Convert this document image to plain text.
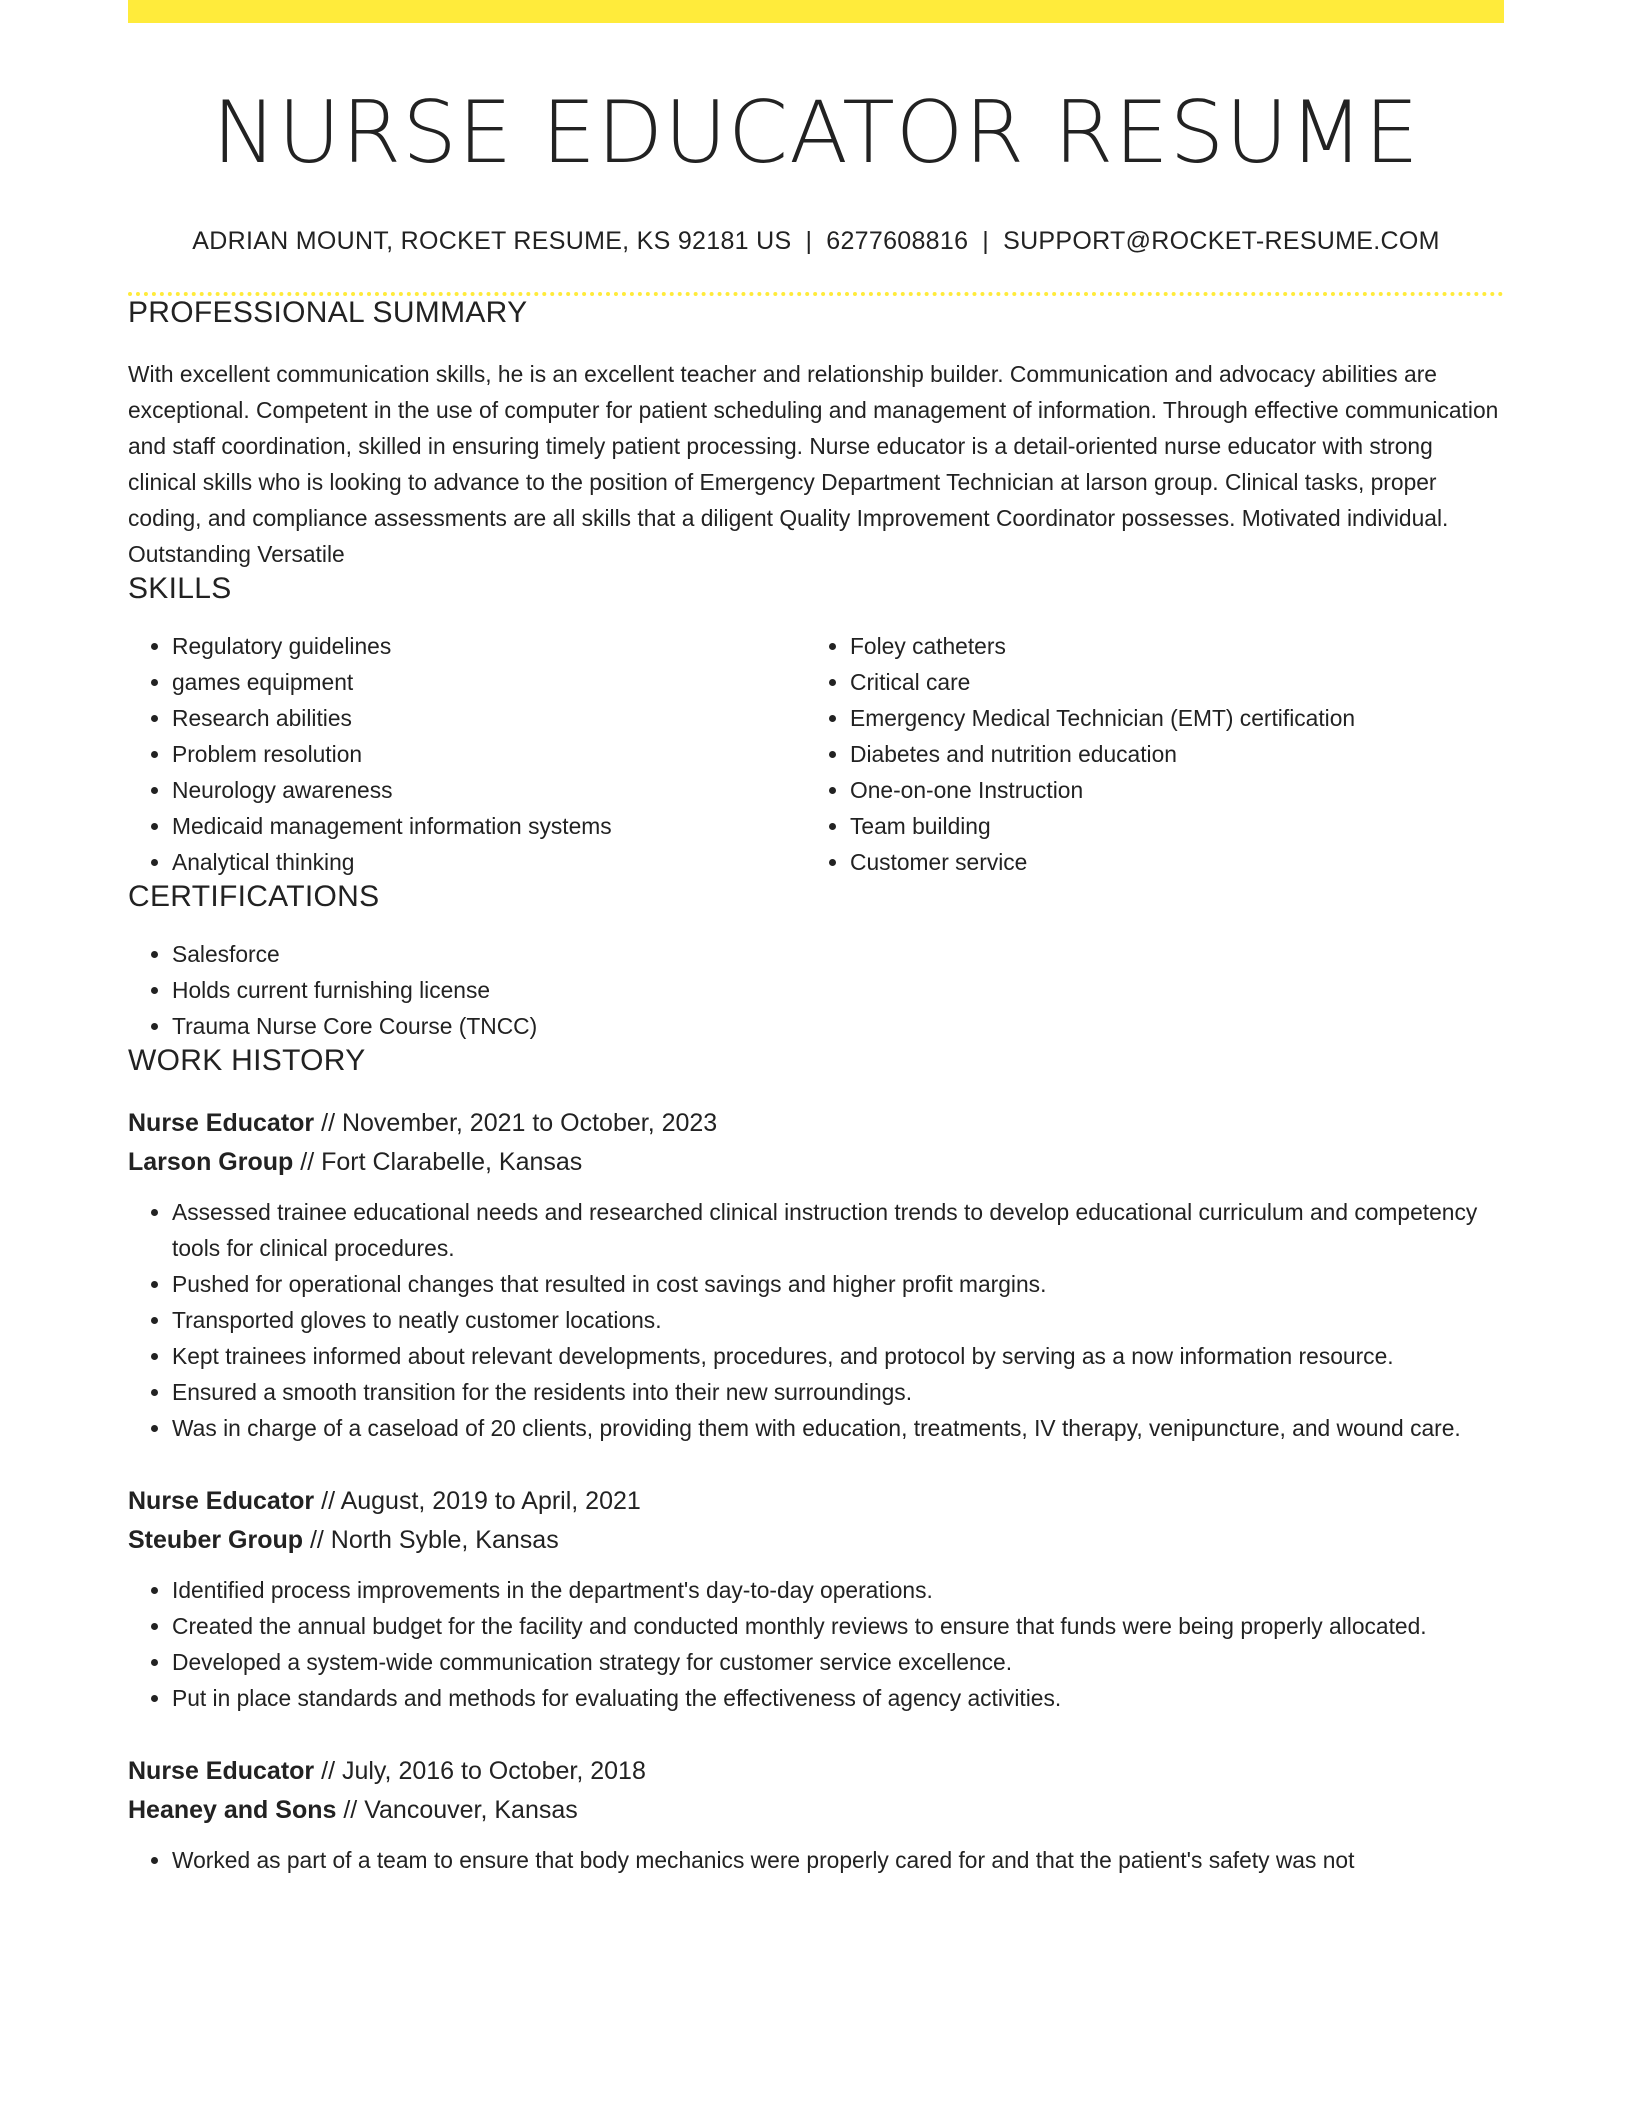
NURSE EDUCATOR RESUME
ADRIAN MOUNT, ROCKET RESUME, KS 92181 US | 6277608816 | SUPPORT@ROCKET-RESUME.COM
PROFESSIONAL SUMMARY
With excellent communication skills, he is an excellent teacher and relationship builder. Communication and advocacy abilities are exceptional. Competent in the use of computer for patient scheduling and management of information. Through effective communication and staff coordination, skilled in ensuring timely patient processing. Nurse educator is a detail-oriented nurse educator with strong clinical skills who is looking to advance to the position of Emergency Department Technician at larson group. Clinical tasks, proper coding, and compliance assessments are all skills that a diligent Quality Improvement Coordinator possesses. Motivated individual. Outstanding Versatile
SKILLS
• Regulatory guidelines
• games equipment
• Research abilities
• Problem resolution
• Neurology awareness
• Medicaid management information systems
• Analytical thinking
• Foley catheters
• Critical care
• Emergency Medical Technician (EMT) certification
• Diabetes and nutrition education
• One-on-one Instruction
• Team building
• Customer service
CERTIFICATIONS
• Salesforce
• Holds current furnishing license
• Trauma Nurse Core Course (TNCC)
WORK HISTORY
Nurse Educator // November, 2021 to October, 2023
Larson Group // Fort Clarabelle, Kansas
• Assessed trainee educational needs and researched clinical instruction trends to develop educational curriculum and competency tools for clinical procedures.
• Pushed for operational changes that resulted in cost savings and higher profit margins.
• Transported gloves to neatly customer locations.
• Kept trainees informed about relevant developments, procedures, and protocol by serving as a now information resource.
• Ensured a smooth transition for the residents into their new surroundings.
• Was in charge of a caseload of 20 clients, providing them with education, treatments, IV therapy, venipuncture, and wound care.
Nurse Educator // August, 2019 to April, 2021
Steuber Group // North Syble, Kansas
• Identified process improvements in the department's day-to-day operations.
• Created the annual budget for the facility and conducted monthly reviews to ensure that funds were being properly allocated.
• Developed a system-wide communication strategy for customer service excellence.
• Put in place standards and methods for evaluating the effectiveness of agency activities.
Nurse Educator // July, 2016 to October, 2018
Heaney and Sons // Vancouver, Kansas
• Worked as part of a team to ensure that body mechanics were properly cared for and that the patient's safety was not
